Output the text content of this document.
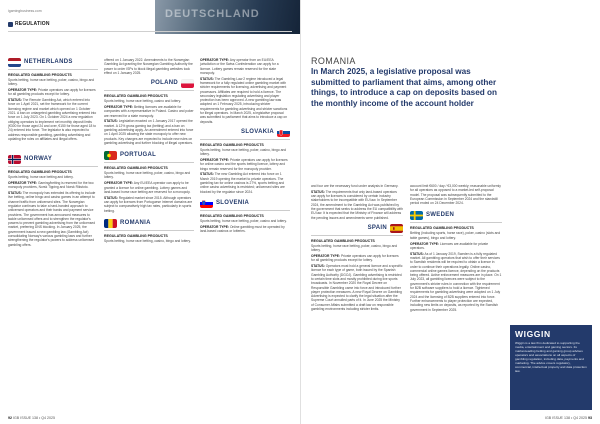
igamingbusiness.com
REGULATION
DEUTSCHLAND
NETHERLANDS
REGULATED GAMBLING PRODUCTS
Sports betting, horse race betting, poker, casino, bingo and lottery.
OPERATOR TYPE: Private operators can apply for licences for all gambling products except for lottery.
STATUS: The Remote Gambling Act, which entered into force on 1 April 2021, set the framework for the current licensing regime and market which opened on 1 October 2021. A ban on untargeted gambling advertising entered into force on 1 July 2023. On 1 October 2024 a new regulation obliging operators to implement net monthly deposit limits (€300 for those aged 24 and over, €150 for those aged 18 to 24) entered into force. The legislator is also expected to address responsible gambling, gambling advertising and updating the rules on affiliates and illegal offers.
NORWAY
REGULATED GAMBLING PRODUCTS
Sports betting, horse race betting and lottery.
OPERATOR TYPE: Gaming/betting is reserved for the two monopoly providers, Norsk Tipping and Norsk Rikstoto.
STATUS: The monopoly has extended its offering to include live betting, online bingo and casino games in an attempt to channel traffic from unlicensed sites. The Norwegian regulator continues to take a hard-handed approach to unlicensed operators and their banks and payment service providers. The government has announced measures to tackle unlicensed offers and to strengthen the regulator's powers to prevent gambling advertising from the unlicensed market, preferring DNS blocking. In January 2025, the government issued a new gambling law (Gambling Act) consolidating Norway's various gambling laws and further strengthening the regulator's powers to address unlicensed gambling offers.
offered on 1 January 2022. Amendments to the Norwegian Gambling Act granting the Norwegian Gambling Authority the power to order ISPs to block illegal gambling websites took effect on 1 January 2025.
POLAND
REGULATED GAMBLING PRODUCTS
Sports betting, horse race betting, casino and lottery.
OPERATOR TYPE: Betting licences are available for companies with a representative in Poland. Casino and poker are reserved for a state monopoly.
STATUS: Legislation enacted on 1 January 2017 opened the market. A 12% gross gaming tax (betting) and a ban on gambling advertising apply. An amendment entered into force on 1 April 2025 allowing the state monopoly to offer new products. Key changes are expected to include new rules on gambling advertising and further blocking of illegal operators.
PORTUGAL
REGULATED GAMBLING PRODUCTS
Sports betting, horse race betting, poker, casino, bingo and lottery.
OPERATOR TYPE: Any EU/EEA operator can apply to be granted a licence for online gambling. Lottery games and land-based horse race betting are reserved for a monopoly.
STATUS: Regulated market since 2015. Although operators can apply for licences from Portuguese Internet domains are subject to comparatively high tax rates, particularly in sports betting.
ROMANIA
REGULATED GAMBLING PRODUCTS
Sports betting, horse race betting, casino, bingo and lottery.
OPERATOR TYPE: Any operator from an EU/EEA jurisdiction or the Swiss Confederation can apply for a licence. Lottery games remain reserved for the state monopoly.
STATUS: The Gambling Law 2 regime introduced a legal framework for a fully regulated online gambling market with stricter requirements for licensing, advertising and payment processors. Affiliates are required to hold a licence. The secondary legislation regulating advertising and player protection has been approved. A new gambling law was adopted on 1 February 2025, introducing stricter requirements for gambling advertising and stricter sanctions for illegal operators. In March 2025, a legislative proposal was submitted to parliament that aims to introduce a cap on deposits.
SLOVAKIA
REGULATED GAMBLING PRODUCTS
Sports betting, horse race betting, poker, casino, bingo and lottery.
OPERATOR TYPE: Private operators can apply for licences for online casino and the sports betting licence, lottery and bingo remain reserved for the monopoly provider.
STATUS: The new Gambling Act entered into force on 1 March 2019 opening the market to private operators. The gambling tax for online casinos is 27%, sports betting and online casino advertising is restricted; unlicensed sites are blocked by the regulator since 2024.
SLOVENIA
REGULATED GAMBLING PRODUCTS
Sports betting, horse race betting, poker, casino and lottery.
OPERATOR TYPE: Online gambling must be operated by land-based casinos or lotteries.
92 IGB ISSUE 138 • Q4 2025
ROMANIA
In March 2025, a legislative proposal was submitted to parliament that aims, among other things, to introduce a cap on deposits based on the monthly income of the account holder
and four are the necessary fund under analysis in Germany.
STATUS: The requirements that only land-based operators can apply for licences is considered by certain industry stakeholders to be incompatible with EU law. In September 2024, the amendment to the Gambling Act was published by the government that seeks to address the EU compatibility with EU law. It is expected that the Ministry of Finance will address the pending issues and amendments were published.
SPAIN
REGULATED GAMBLING PRODUCTS
Sports betting, horse race betting, poker, casino, bingo and lottery.
OPERATOR TYPE: Private operators can apply for licences for all gambling products except for lottery.
STATUS: Operators must hold a general licence and a specific licence for each type of game, both issued by the Spanish Gambling Authority (DGOJ). Gambling advertising is restricted to certain time slots and mostly prohibited during live sports broadcasts. In November 2020 the Royal Decree on Responsible Gambling came into force and introduced further player protection measures. A new Royal Decree on Gambling Advertising is expected to clarify the legal situation after the Supreme Court annulled parts of it. In June 2025 the Ministry of Consumer Affairs submitted a draft law on responsible gambling environments including stricter limits.
account limit €600 / day / €3,000 weekly; reasonable uniformly for all operators as opposed to a market-led self-proposal model. The proposal was subsequently submitted to the European Commission in September 2024 and the standstill period ended on 24 December 2024.
SWEDEN
REGULATED GAMBLING PRODUCTS
Betting (including sports, horse race), poker, casino (slots and table games), bingo and lottery.
OPERATOR TYPE: Licences are available for private operators.
STATUS: As of 1 January 2019, Sweden is a fully regulated market. All gambling operators that wish to offer their services to Swedish residents will be required to obtain a licence in order to continue their operations legally. Online casino, commercial online games licence, depending on the products being offered. Active enforcement measures are in place. On 1 July 2023, all gambling licences were subject to the government's stricter rules in connection with the requirement for B2B software suppliers to hold a licence. Tightened requirements for gambling advertising were adopted on 1 July 2024 and the licensing of B2B suppliers entered into force. Further enhancements to player protection are expected, including new limits on deposits, as reported by the Swedish government in September 2025.
WIGGIN
Wiggin is a law firm dedicated to supporting the media, entertainment and gaming sectors. Its market-leading betting and gaming group advises operators and associations on all aspects of gambling regulation, including data, payments and marketing. The advice covers regulatory, commercial, intellectual property and data protection law.
IGB ISSUE 138 • Q4 2025 93
